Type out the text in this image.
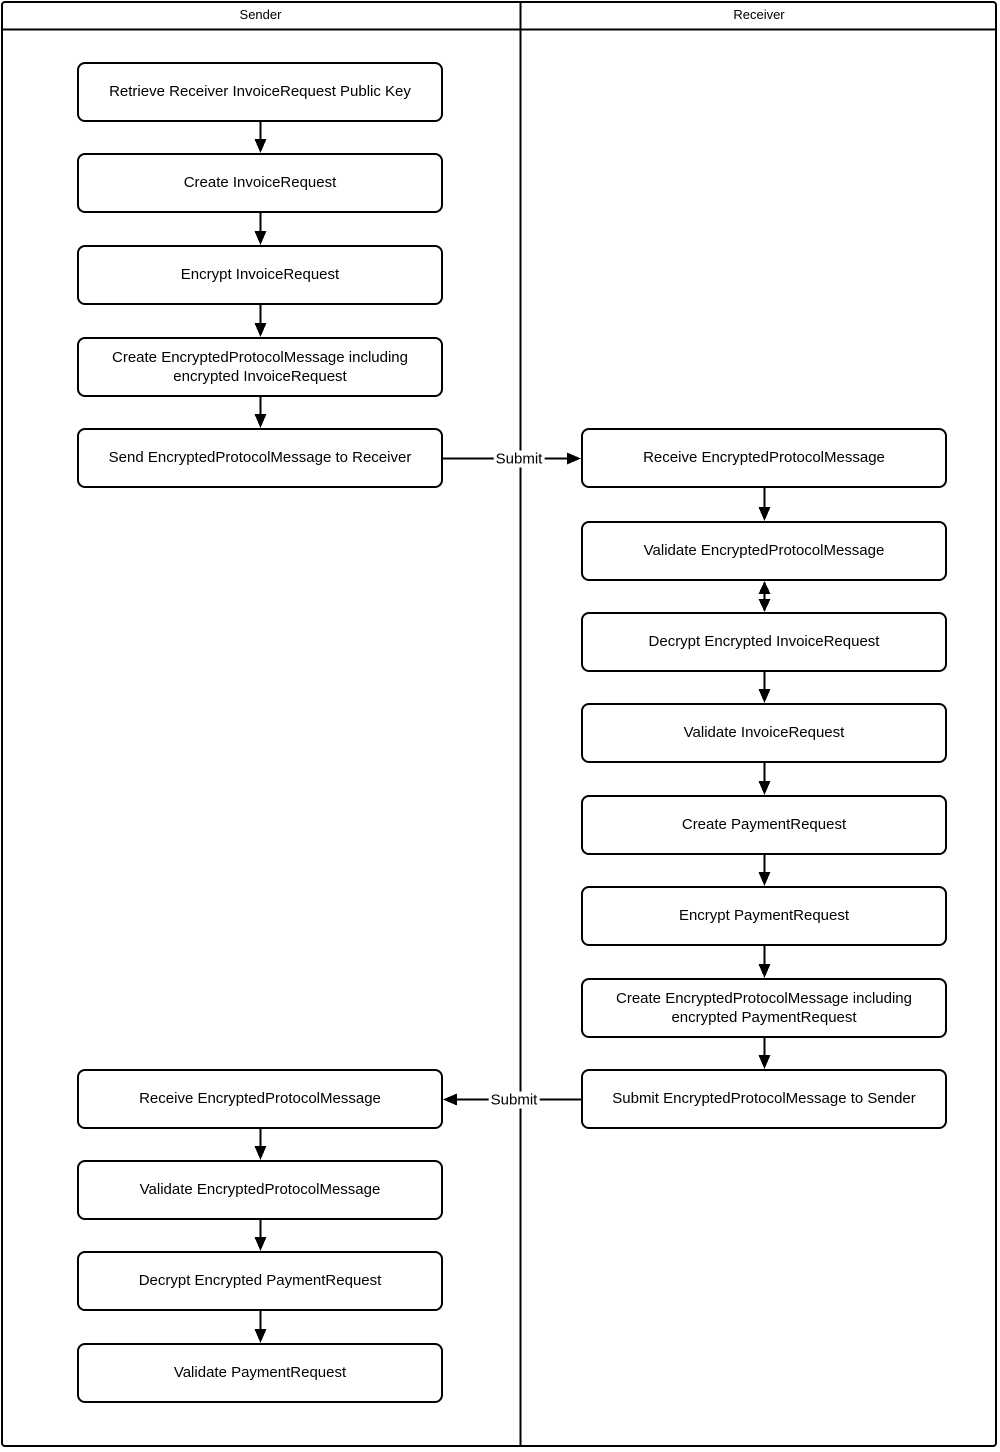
Sender	Receiver
Retrieve Receiver InvoiceRequest Public Key
Create InvoiceRequest
Encrypt InvoiceRequest
Create EncryptedProtocolMessage including encrypted InvoiceRequest
Send EncryptedProtocolMessage to Receiver	Receive EncryptedProtocolMessage
Validate EncryptedProtocolMessage
Decrypt Encrypted InvoiceRequest
Validate InvoiceRequest
Create PaymentRequest
Encrypt PaymentRequest
Create EncryptedProtocolMessage including encrypted PaymentRequest
Submit EncryptedProtocolMessage to Sender
Receive EncryptedProtocolMessage
Validate EncryptedProtocolMessage
Decrypt Encrypted PaymentRequest
Validate PaymentRequest
Submit
Submit
